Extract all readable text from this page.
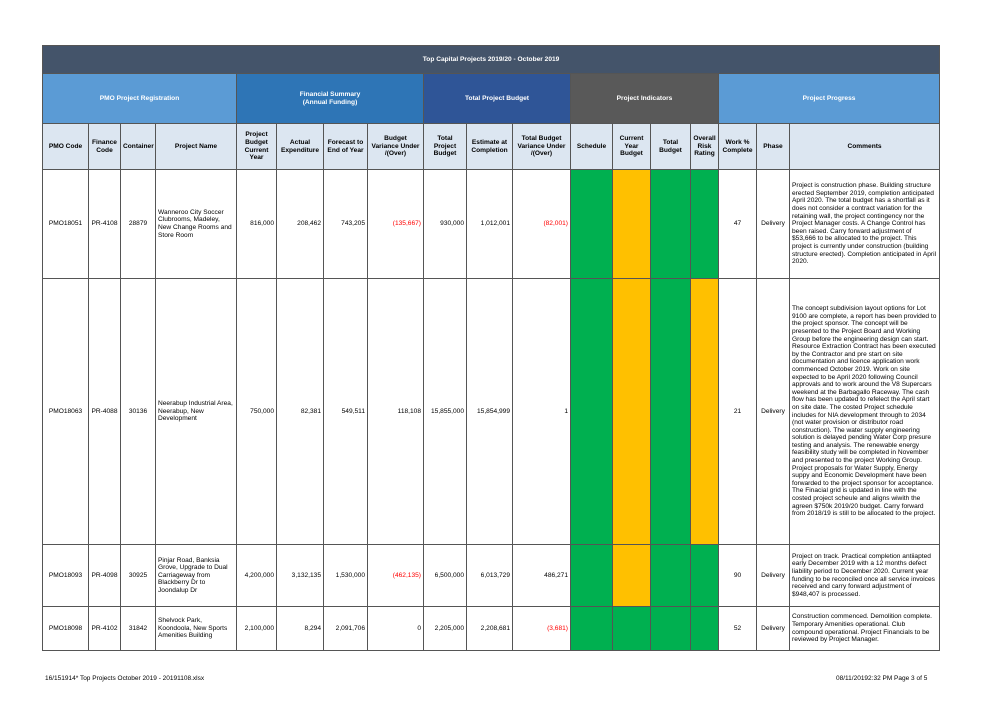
Top Capital Projects 2019/20 - October 2019																	
PMO Project Registration				Financial Summary
(Annual Funding)				Total Project Budget			Project Indicators				Project Progress		
PMO Code	Finance Code	Container	Project Name	Project Budget Current Year	Actual Expenditure	Forecast to End of Year	Budget Variance Under /(Over)	Total Project Budget	Estimate at Completion	Total Budget Variance Under /(Over)	Schedule	Current Year Budget	Total Budget	Overall Risk Rating	Work % Complete	Phase	Comments
PMO18051	PR-4108	28879	Wanneroo City Soccer Clubrooms, Madeley, New Change Rooms and Store Room	816,000	208,462	743,205	(135,667)	930,000	1,012,001	(82,001)					47	Delivery	Project is construction phase. Building structure erected September 2019, completion anticipated April 2020. The total budget has a shortfall as it does not consider a contract variation for the retaining wall, the project contingency nor the Project Manager costs. A Change Control has been raised. Carry forward adjustment of $53,666 to be allocated to the project. This project is currently under construction (building structure erected). Completion anticipated in April 2020.
PMO18063	PR-4088	30136	Neerabup Industrial Area, Neerabup, New Development	750,000	82,381	549,511	118,108	15,855,000	15,854,999	1					21	Delivery	The concept subdivision layout options for Lot 9100 are complete, a report has been provided to the project sponsor. The concept will be presented to the Project Board and Working Group before the engineering design can start. Resource Extraction Contract has been executed by the Contractor and pre start on site documentation and licence application work commenced October 2019. Work on site expected to be April 2020 following Council approvals and to work around the V8 Supercars weekend at the Barbagallo Raceway. The cash flow has been updated to refelect the April start on site date. The costed Project schedule includes for NIA development through to 2034 (not water provision or distributor road construction). The water supply engineering solution is delayed pending Water Corp presure testing and analysis. The renewable energy feasibility study will be completed in November and presented to the project Working Group. Project proposals for Water Supply, Energy suppy and Economic Development have been forwarded to the project sponsor for acceptance. The Finacial grid is updated in line with the costed project scheule and aligns wiwith the agreen $750k 2019/20 budget. Carry forward from 2018/19 is still to be allocated to the project.
PMO18093	PR-4098	30925	Pinjar Road, Banksia Grove, Upgrade to Dual Carriageway from Blackberry Dr to Joondalup Dr	4,200,000	3,132,135	1,530,000	(462,135)	6,500,000	6,013,729	486,271					90	Delivery	Project on track. Practical completion antiiapted early December 2019 with a 12 months defect liability period to December 2020. Current year funding to be reconciled once all service invoices received and carry forward adjustment of $948,407 is processed.
PMO18098	PR-4102	31842	Shelvock Park, Koondoola, New Sports Amenities Building	2,100,000	8,294	2,091,706	0	2,205,000	2,208,681	(3,681)					52	Delivery	Construction commenced. Demolition complete. Temporary Amenities operational. Club compound operational. Project Financials to be reviewed by Project Manager.
16/151914* Top Projects October 2019 - 20191108.xlsx	08/11/20192:32 PM Page 3 of 5
